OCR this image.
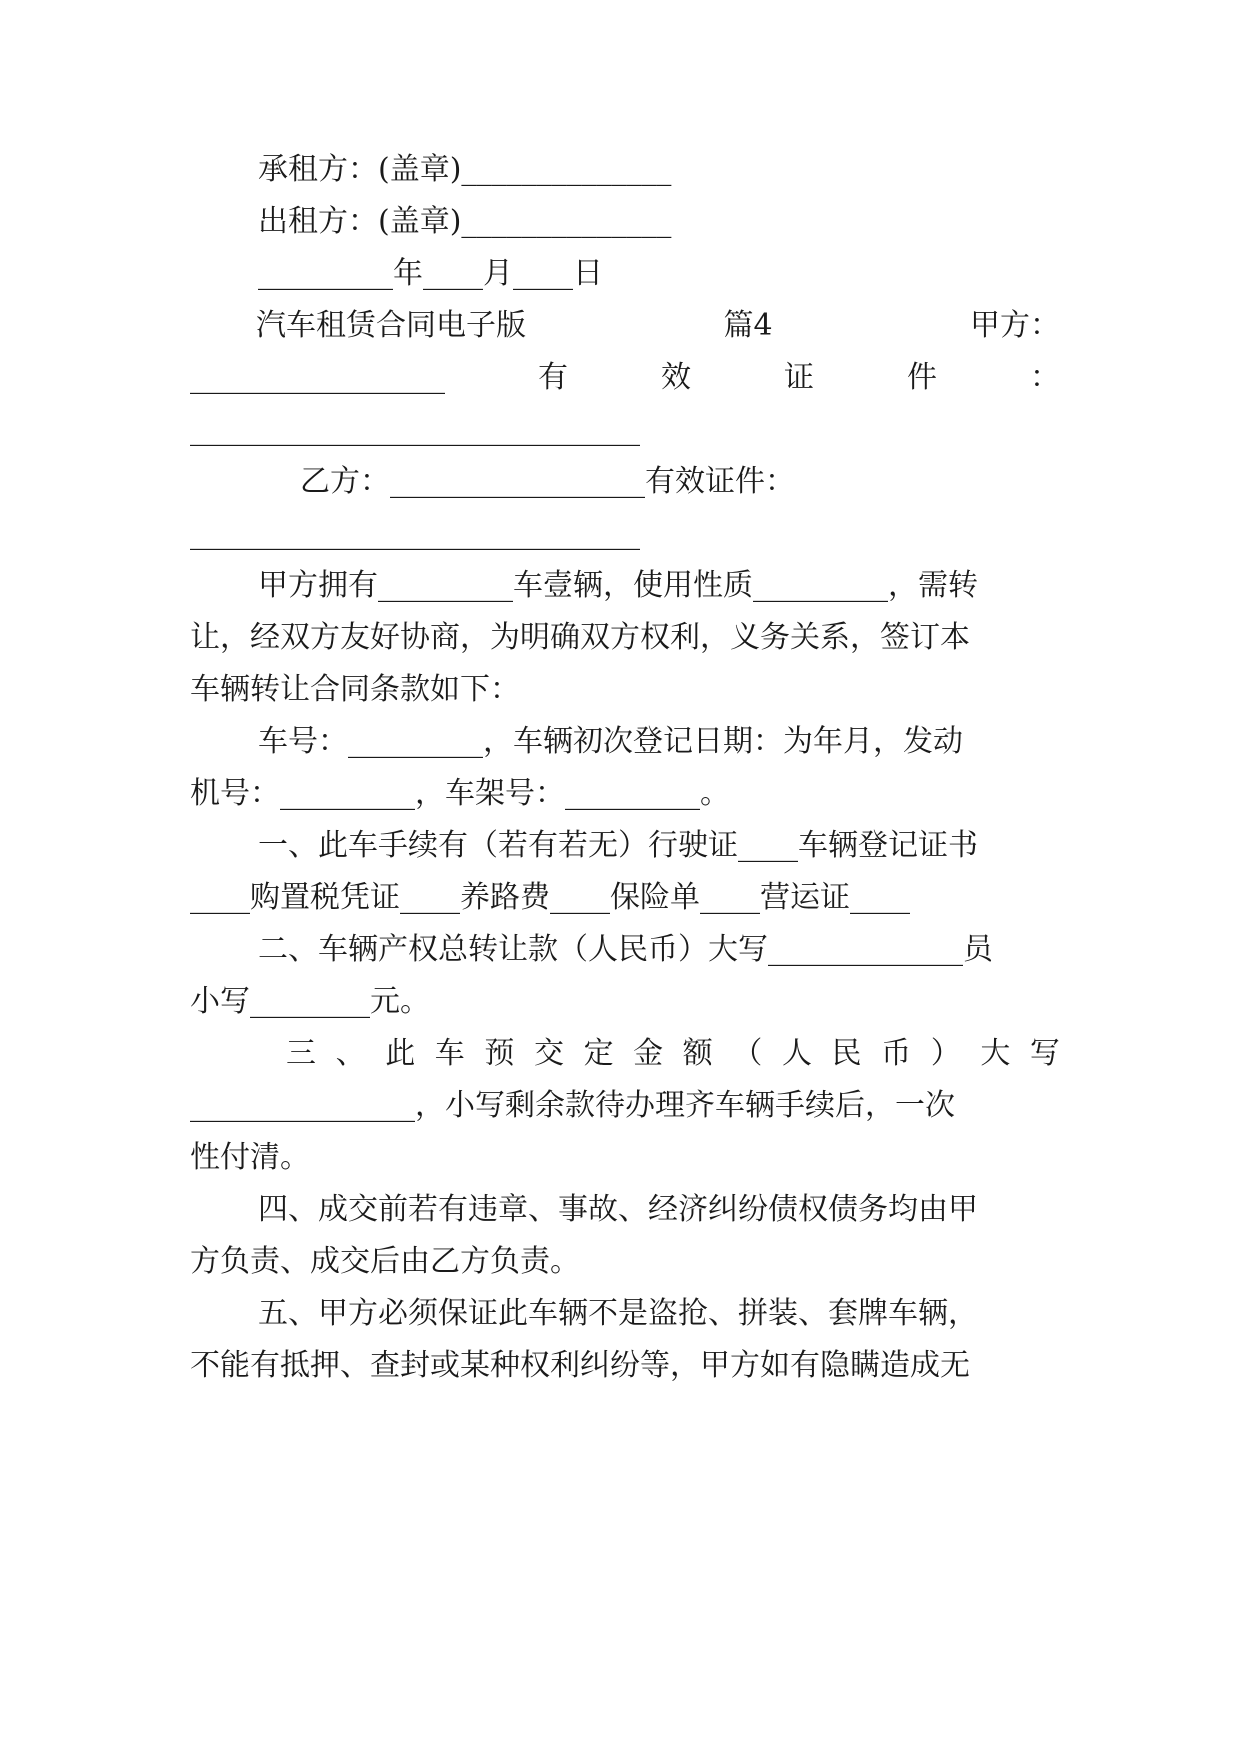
承租方：(盖章)______________
出租方：(盖章)______________
_________年____月____日
汽车租赁合同电子版	篇4	甲方：
_________________	有	效	证	件	：
______________________________
乙方：_________________有效证件：
______________________________
甲方拥有_________车壹辆，使用性质_________，需转
让，经双方友好协商，为明确双方权利，义务关系，签订本
车辆转让合同条款如下：
车号：_________，车辆初次登记日期：为年月，发动
机号：_________，车架号：_________。
一、此车手续有（若有若无）行驶证____车辆登记证书
____购置税凭证____养路费____保险单____营运证____
二、车辆产权总转让款（人民币）大写_____________员
小写________元。
三 、 此 车 预 交 定 金 额 （ 人 民 币 ） 大 写
_______________，小写剩余款待办理齐车辆手续后，一次
性付清。
四、成交前若有违章、事故、经济纠纷债权债务均由甲
方负责、成交后由乙方负责。
五、甲方必须保证此车辆不是盗抢、拼装、套牌车辆，
不能有抵押、查封或某种权利纠纷等，甲方如有隐瞒造成无
